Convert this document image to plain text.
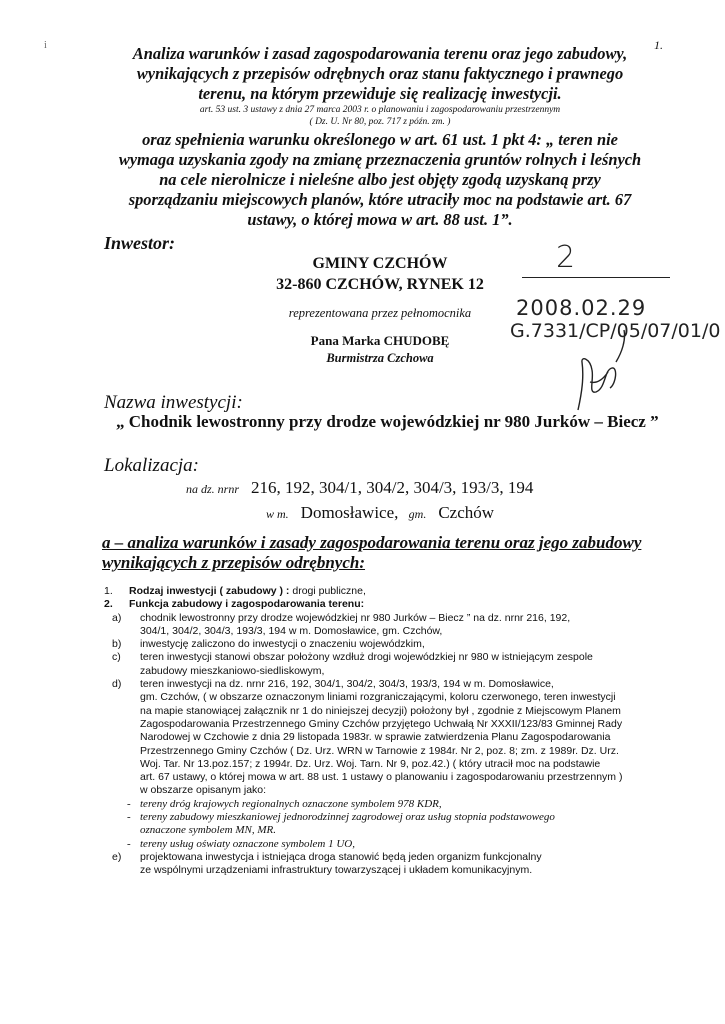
i	1.
Analiza warunków i zasad zagospodarowania terenu oraz jego zabudowy,
wynikających z przepisów odrębnych oraz stanu faktycznego i prawnego
terenu, na którym przewiduje się realizację inwestycji.
art. 53 ust. 3 ustawy z dnia 27 marca 2003 r. o planowaniu i zagospodarowaniu przestrzennym
( Dz. U. Nr 80, poz. 717 z późn. zm. )
oraz spełnienia warunku określonego w art. 61 ust. 1 pkt 4: „ teren nie
wymaga uzyskania zgody na zmianę przeznaczenia gruntów rolnych i leśnych
na cele nierolnicze i nieleśne albo jest objęty zgodą uzyskaną przy
sporządzaniu miejscowych planów, które utraciły moc na podstawie art. 67
ustawy, o której mowa w art. 88 ust. 1”.
Inwestor:
GMINY CZCHÓW
32-860 CZCHÓW, RYNEK 12
reprezentowana przez pełnomocnika
Pana Marka CHUDOBĘ
Burmistrza Czchowa
2
2008.02.29
G.7331/CP/05/07/01/0
Nazwa inwestycji:
„ Chodnik lewostronny przy drodze wojewódzkiej nr 980 Jurków – Biecz ”
Lokalizacja:
na dz. nrnr 216, 192, 304/1, 304/2, 304/3, 193/3, 194
w m. Domosławice, gm. Czchów
a – analiza warunków i zasady zagospodarowania terenu oraz jego zabudowy
wynikających z przepisów odrębnych:
1. Rodzaj inwestycji ( zabudowy ) : drogi publiczne,
2. Funkcja zabudowy i zagospodarowania terenu:
a) chodnik lewostronny przy drodze wojewódzkiej nr 980 Jurków – Biecz ” na dz. nrnr 216, 192,
304/1, 304/2, 304/3, 193/3, 194 w m. Domosławice, gm. Czchów,
b) inwestycję zaliczono do inwestycji o znaczeniu wojewódzkim,
c) teren inwestycji stanowi obszar położony wzdłuż drogi wojewódzkiej nr 980 w istniejącym zespole
zabudowy mieszkaniowo-siedliskowym,
d) teren inwestycji na dz. nrnr 216, 192, 304/1, 304/2, 304/3, 193/3, 194 w m. Domosławice,
gm. Czchów, ( w obszarze oznaczonym liniami rozgraniczającymi, koloru czerwonego, teren inwestycji
na mapie stanowiącej załącznik nr 1 do niniejszej decyzji) położony był , zgodnie z Miejscowym Planem
Zagospodarowania Przestrzennego Gminy Czchów przyjętego Uchwałą Nr XXXII/123/83 Gminnej Rady
Narodowej w Czchowie z dnia 29 listopada 1983r. w sprawie zatwierdzenia Planu Zagospodarowania
Przestrzennego Gminy Czchów ( Dz. Urz. WRN w Tarnowie z 1984r. Nr 2, poz. 8; zm. z 1989r. Dz. Urz.
Woj. Tar. Nr 13.poz.157; z 1994r. Dz. Urz. Woj. Tarn. Nr 9, poz.42.) ( który utracił moc na podstawie
art. 67 ustawy, o której mowa w art. 88 ust. 1 ustawy o planowaniu i zagospodarowaniu przestrzennym )
w obszarze opisanym jako:
- tereny dróg krajowych regionalnych oznaczone symbolem 978 KDR,
- tereny zabudowy mieszkaniowej jednorodzinnej zagrodowej oraz usług stopnia podstawowego
oznaczone symbolem MN, MR.
- tereny usług oświaty oznaczone symbolem 1 UO,
e) projektowana inwestycja i istniejąca droga stanowić będą jeden organizm funkcjonalny
ze wspólnymi urządzeniami infrastruktury towarzyszącej i układem komunikacyjnym.
